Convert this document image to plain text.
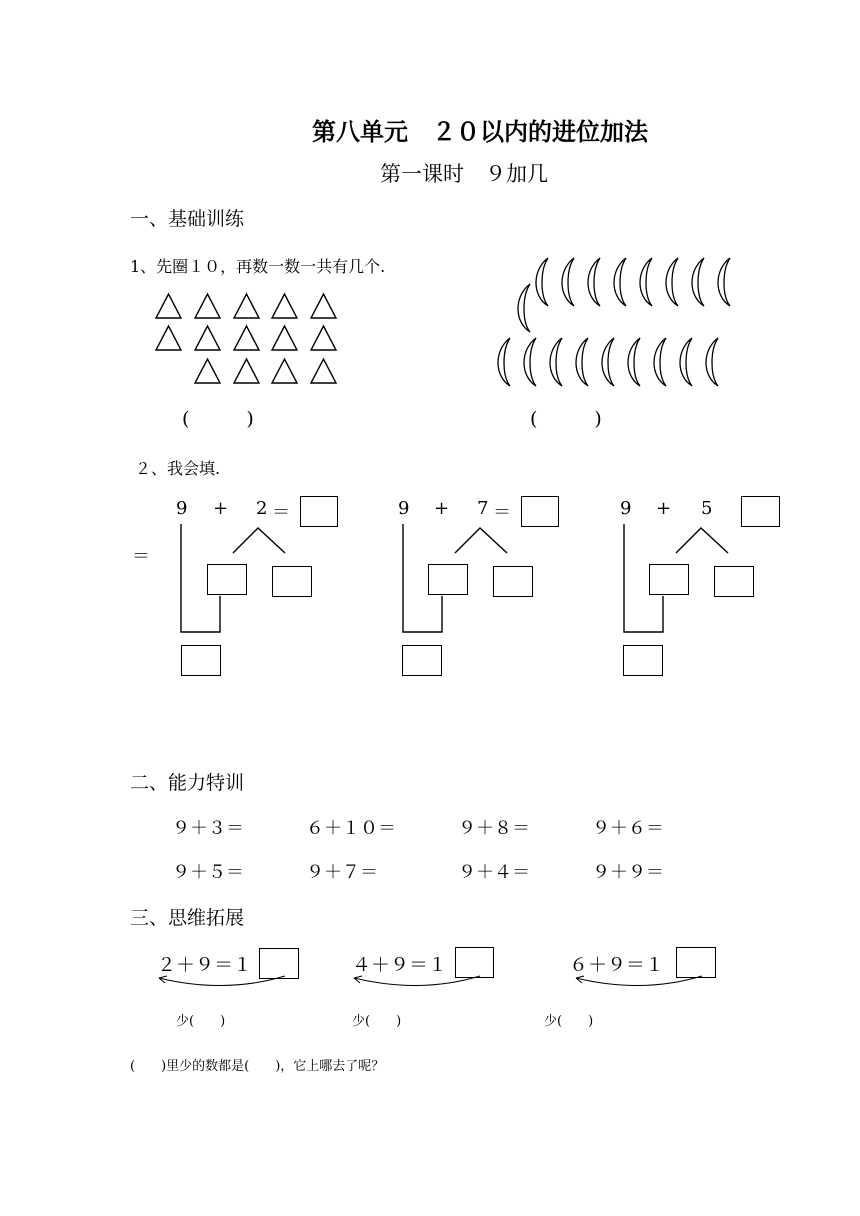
第八单元　２０以内的进位加法
第一课时　９加几
一、基础训练
1、先圈１０，再数一数一共有几个.
(　　　)	(　　　)
２、我会填.
＝
9 + 2 ＝	9 + 7 ＝	9 + 5
二、能力特训
９＋３＝	６＋１０＝	９＋８＝	９＋６＝
９＋５＝	９＋７＝	９＋４＝	９＋９＝
三、思维拓展
２＋９＝１
少(　　)
４＋９＝１
少(　　)
６＋９＝１
少(　　)
(　　)里少的数都是(　　)，它上哪去了呢？
